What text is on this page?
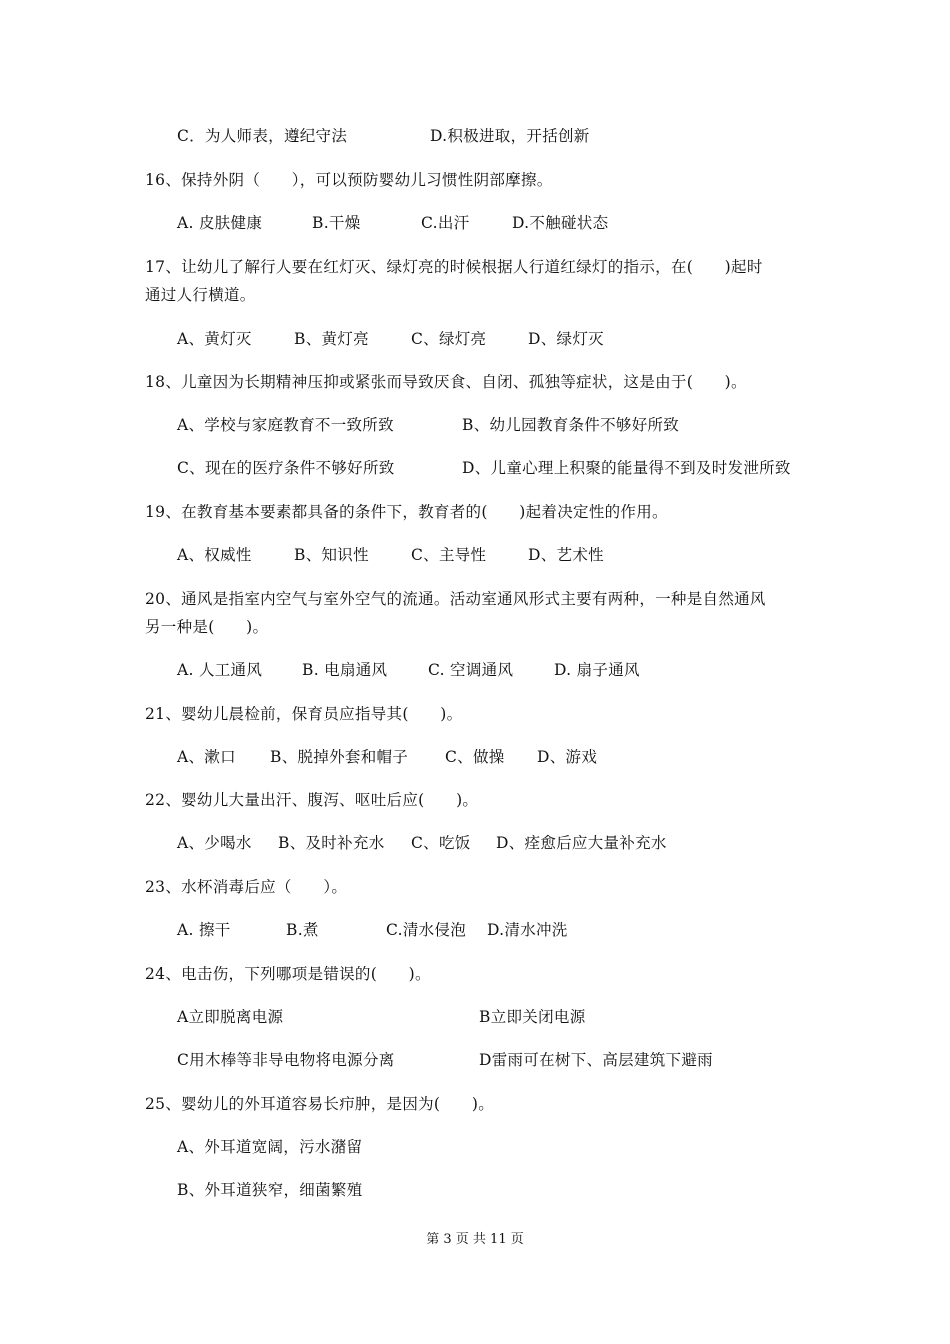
C．为人师表，遵纪守法	D.积极进取，开括创新
16、保持外阴（　　），可以预防婴幼儿习惯性阴部摩擦。
A. 皮肤健康	B.干燥	C.出汗	D.不触碰状态
17、让幼儿了解行人要在红灯灭、绿灯亮的时候根据人行道红绿灯的指示，在(　　)起时
通过人行横道。
A、黄灯灭	B、黄灯亮	C、绿灯亮	D、绿灯灭
18、儿童因为长期精神压抑或紧张而导致厌食、自闭、孤独等症状，这是由于(　　)。
A、学校与家庭教育不一致所致	B、幼儿园教育条件不够好所致
C、现在的医疗条件不够好所致	D、儿童心理上积聚的能量得不到及时发泄所致
19、在教育基本要素都具备的条件下，教育者的(　　)起着决定性的作用。
A、权威性	B、知识性	C、主导性	D、艺术性
20、通风是指室内空气与室外空气的流通。活动室通风形式主要有两种，一种是自然通风
另一种是(　　)。
A. 人工通风	B. 电扇通风	C. 空调通风	D. 扇子通风
21、婴幼儿晨检前，保育员应指导其(　　)。
A、漱口 B、脱掉外套和帽子 C、做操 D、游戏
22、婴幼儿大量出汗、腹泻、呕吐后应(　　)。
A、少喝水 B、及时补充水 C、吃饭 D、痊愈后应大量补充水
23、水杯消毒后应（　　）。
A. 擦干	B.煮	C.清水侵泡 D.清水冲洗
24、电击伤，下列哪项是错误的(　　)。
A立即脱离电源	B立即关闭电源
C用木棒等非导电物将电源分离	D雷雨可在树下、高层建筑下避雨
25、婴幼儿的外耳道容易长疖肿，是因为(　　)。
A、外耳道宽阔，污水潴留
B、外耳道狭窄，细菌繁殖
第 3 页 共 11 页
